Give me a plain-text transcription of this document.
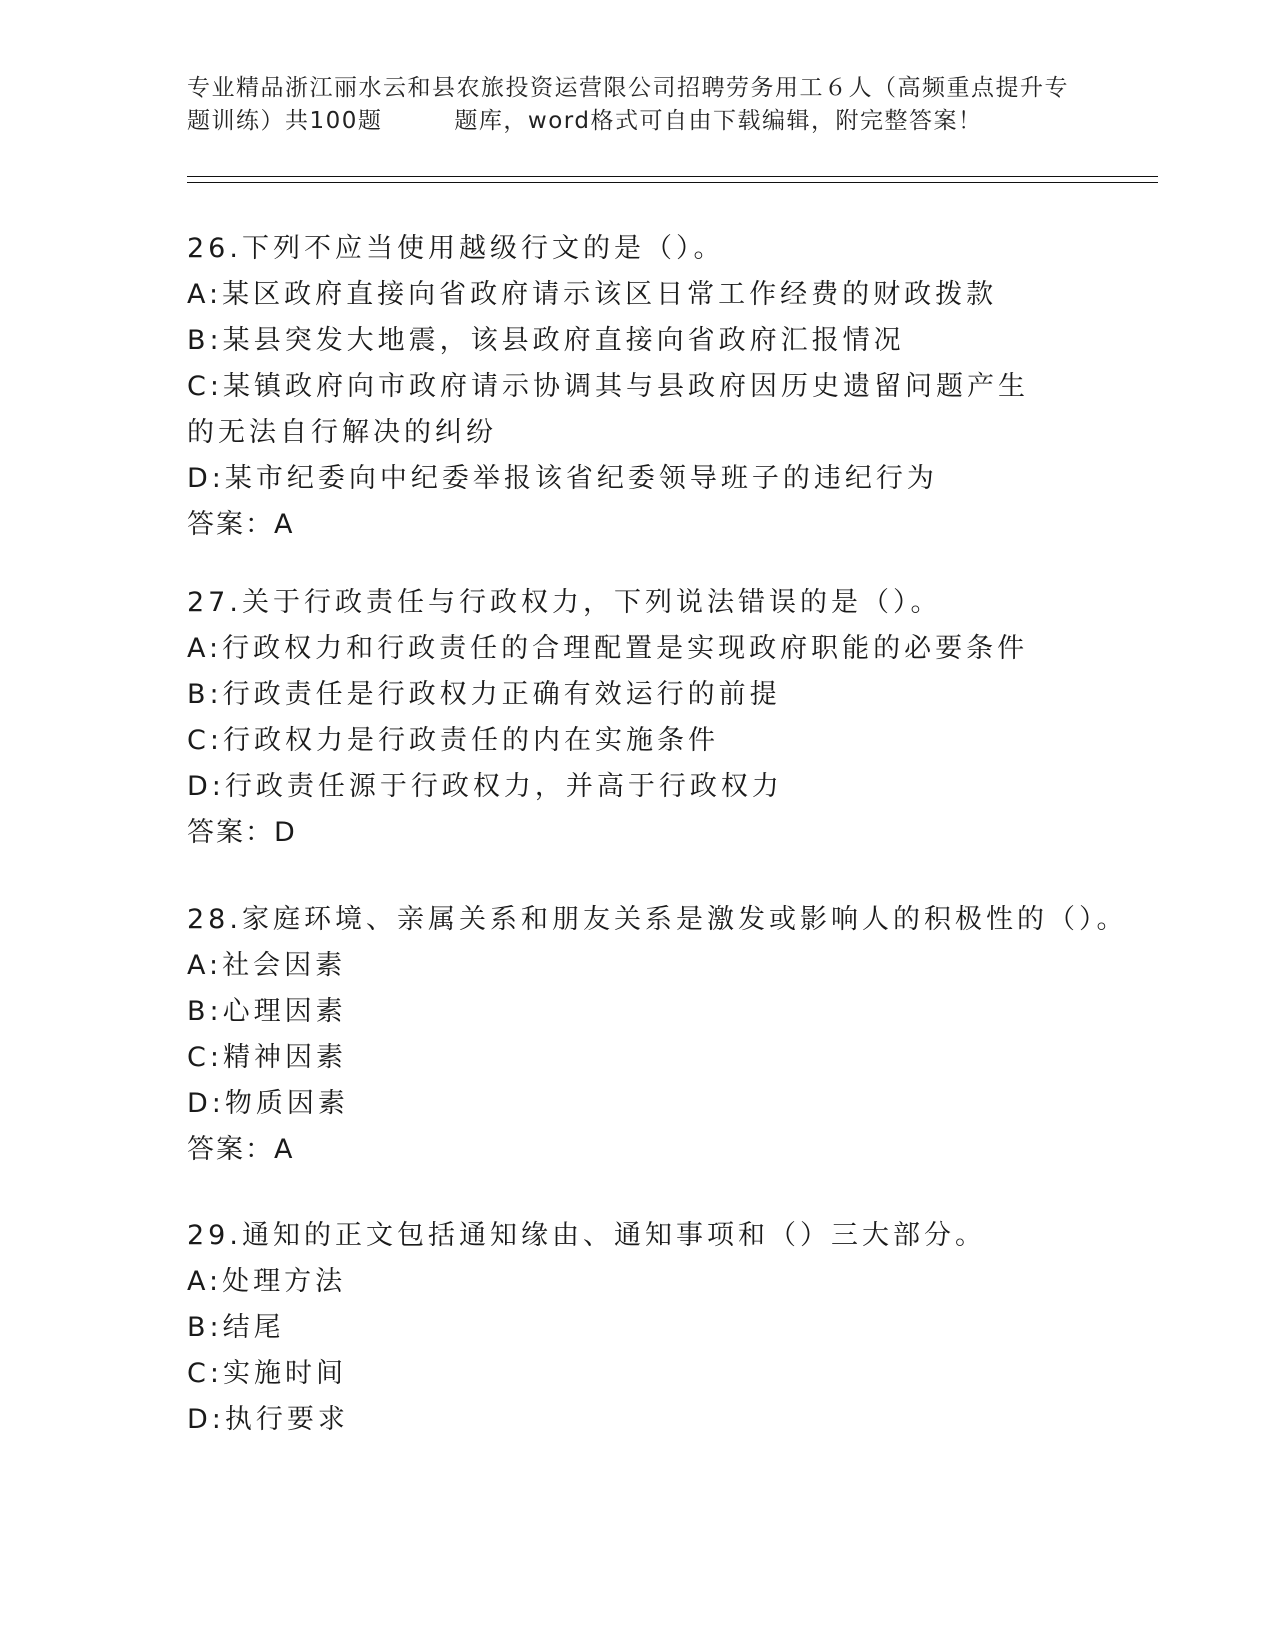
专业精品浙江丽水云和县农旅投资运营限公司招聘劳务用工６人（高频重点提升专题训练）共100题	题库，word格式可自由下载编辑，附完整答案！
26.下列不应当使用越级行文的是（）。
A:某区政府直接向省政府请示该区日常工作经费的财政拨款
B:某县突发大地震，该县政府直接向省政府汇报情况
C:某镇政府向市政府请示协调其与县政府因历史遗留问题产生的无法自行解决的纠纷
D:某市纪委向中纪委举报该省纪委领导班子的违纪行为
答案：A
27.关于行政责任与行政权力，下列说法错误的是（）。
A:行政权力和行政责任的合理配置是实现政府职能的必要条件
B:行政责任是行政权力正确有效运行的前提
C:行政权力是行政责任的内在实施条件
D:行政责任源于行政权力，并高于行政权力
答案：D
28.家庭环境、亲属关系和朋友关系是激发或影响人的积极性的（）。
A:社会因素
B:心理因素
C:精神因素
D:物质因素
答案：A
29.通知的正文包括通知缘由、通知事项和（）三大部分。
A:处理方法
B:结尾
C:实施时间
D:执行要求
